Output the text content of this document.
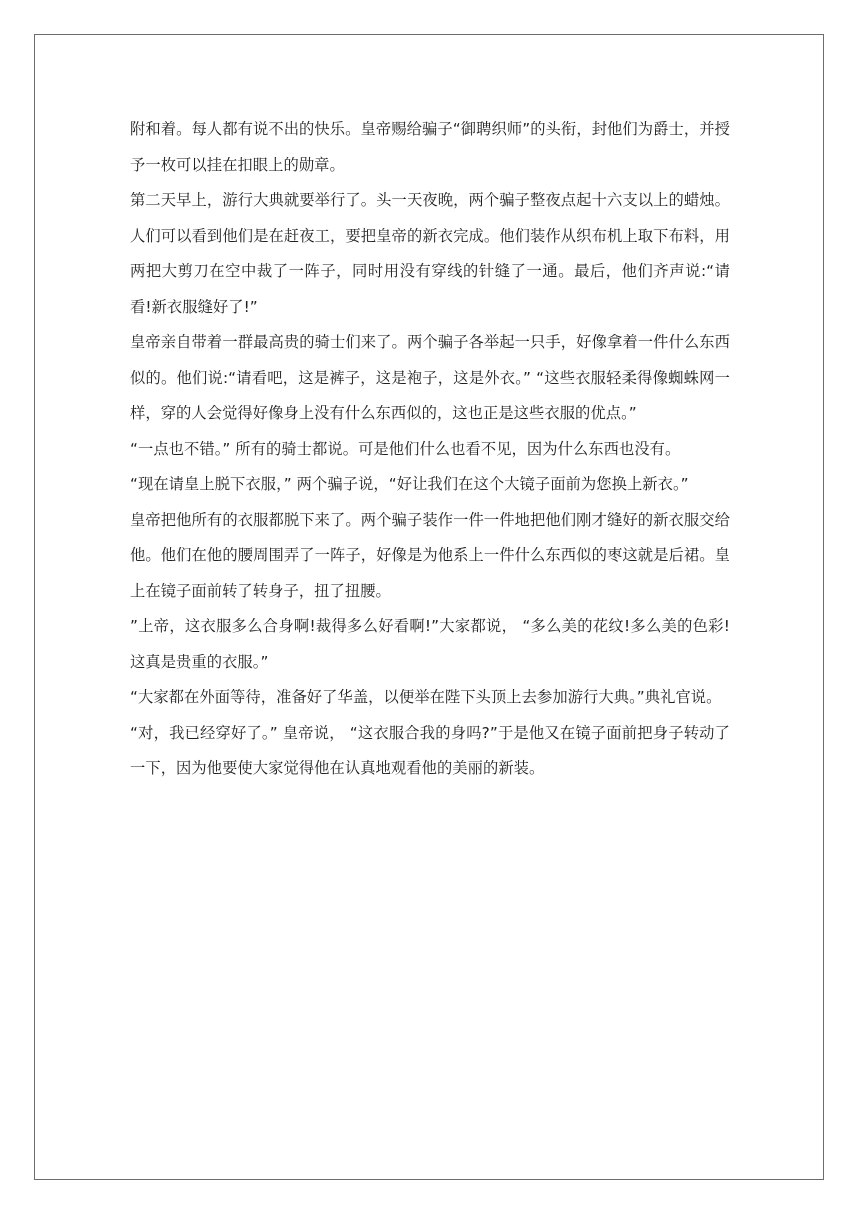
附和着。每人都有说不出的快乐。皇帝赐给骗子“御聘织师”的头衔，封他们为爵士，并授予一枚可以挂在扣眼上的勋章。

第二天早上，游行大典就要举行了。头一天夜晚，两个骗子整夜点起十六支以上的蜡烛。人们可以看到他们是在赶夜工，要把皇帝的新衣完成。他们装作从织布机上取下布料，用两把大剪刀在空中裁了一阵子，同时用没有穿线的针缝了一通。最后，他们齐声说:“请看!新衣服缝好了!”

皇帝亲自带着一群最高贵的骑士们来了。两个骗子各举起一只手，好像拿着一件什么东西似的。他们说:“请看吧，这是裤子，这是袍子，这是外衣。” “这些衣服轻柔得像蜘蛛网一样，穿的人会觉得好像身上没有什么东西似的，这也正是这些衣服的优点。”

“一点也不错。” 所有的骑士都说。可是他们什么也看不见，因为什么东西也没有。

“现在请皇上脱下衣服，” 两个骗子说，“好让我们在这个大镜子面前为您换上新衣。”

皇帝把他所有的衣服都脱下来了。两个骗子装作一件一件地把他们刚才缝好的新衣服交给他。他们在他的腰周围弄了一阵子，好像是为他系上一件什么东西似的枣这就是后裙。皇上在镜子面前转了转身子，扭了扭腰。

”上帝，这衣服多么合身啊!裁得多么好看啊!”大家都说， “多么美的花纹!多么美的色彩!这真是贵重的衣服。”

“大家都在外面等待，准备好了华盖，以便举在陛下头顶上去参加游行大典。”典礼官说。

“对，我已经穿好了。” 皇帝说， “这衣服合我的身吗?”于是他又在镜子面前把身子转动了一下，因为他要使大家觉得他在认真地观看他的美丽的新装。
